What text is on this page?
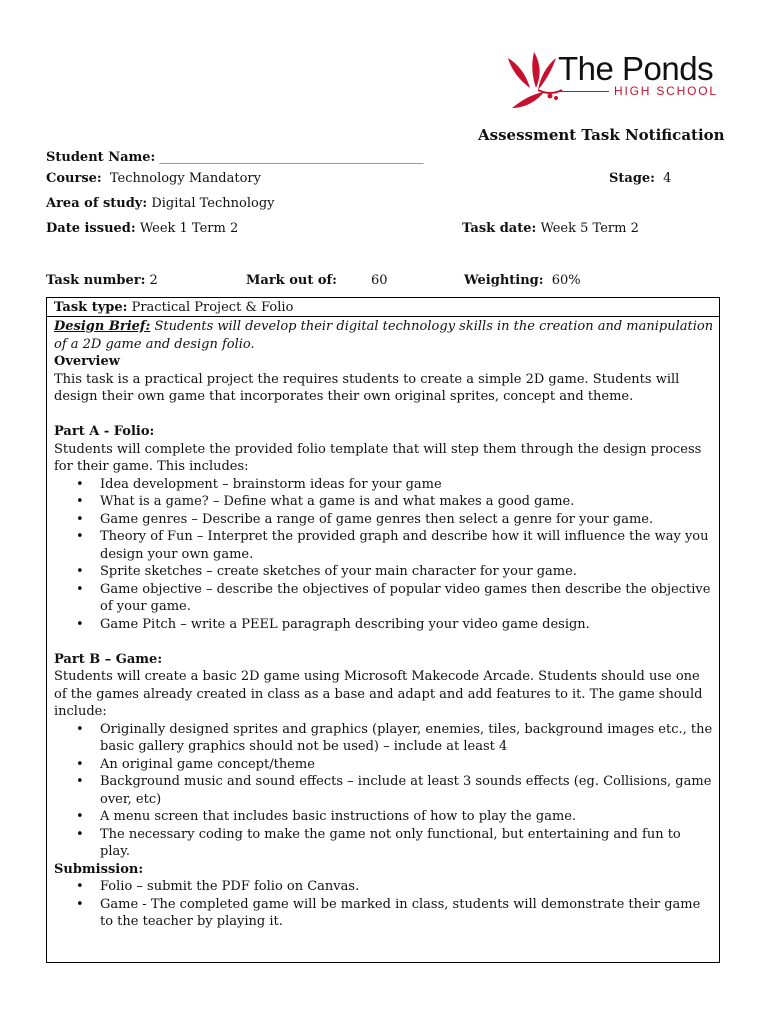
The Ponds
HIGH SCHOOL
Assessment Task Notification
Student Name: ________________________________________________
Course: Technology Mandatory	Stage: 4
Area of study: Digital Technology
Date issued: Week 1 Term 2	Task date: Week 5 Term 2
Task number: 2	Mark out of:	60	Weighting: 60%
Task type: Practical Project & Folio

Design Brief: Students will develop their digital technology skills in the creation and manipulation of a 2D game and design folio.

Overview

This task is a practical project the requires students to create a simple 2D game. Students will design their own game that incorporates their own original sprites, concept and theme.

Part A - Folio:

Students will complete the provided folio template that will step them through the design process for their game. This includes:

• Idea development – brainstorm ideas for your game
• What is a game? – Define what a game is and what makes a good game.
• Game genres – Describe a range of game genres then select a genre for your game.
• Theory of Fun – Interpret the provided graph and describe how it will influence the way you design your own game.
• Sprite sketches – create sketches of your main character for your game.
• Game objective – describe the objectives of popular video games then describe the objective of your game.
• Game Pitch – write a PEEL paragraph describing your video game design.

Part B – Game:

Students will create a basic 2D game using Microsoft Makecode Arcade. Students should use one of the games already created in class as a base and adapt and add features to it. The game should include:

• Originally designed sprites and graphics (player, enemies, tiles, background images etc., the basic gallery graphics should not be used) – include at least 4
• An original game concept/theme
• Background music and sound effects – include at least 3 sounds effects (eg. Collisions, game over, etc)
• A menu screen that includes basic instructions of how to play the game.
• The necessary coding to make the game not only functional, but entertaining and fun to play.

Submission:

• Folio – submit the PDF folio on Canvas.
• Game - The completed game will be marked in class, students will demonstrate their game to the teacher by playing it.
